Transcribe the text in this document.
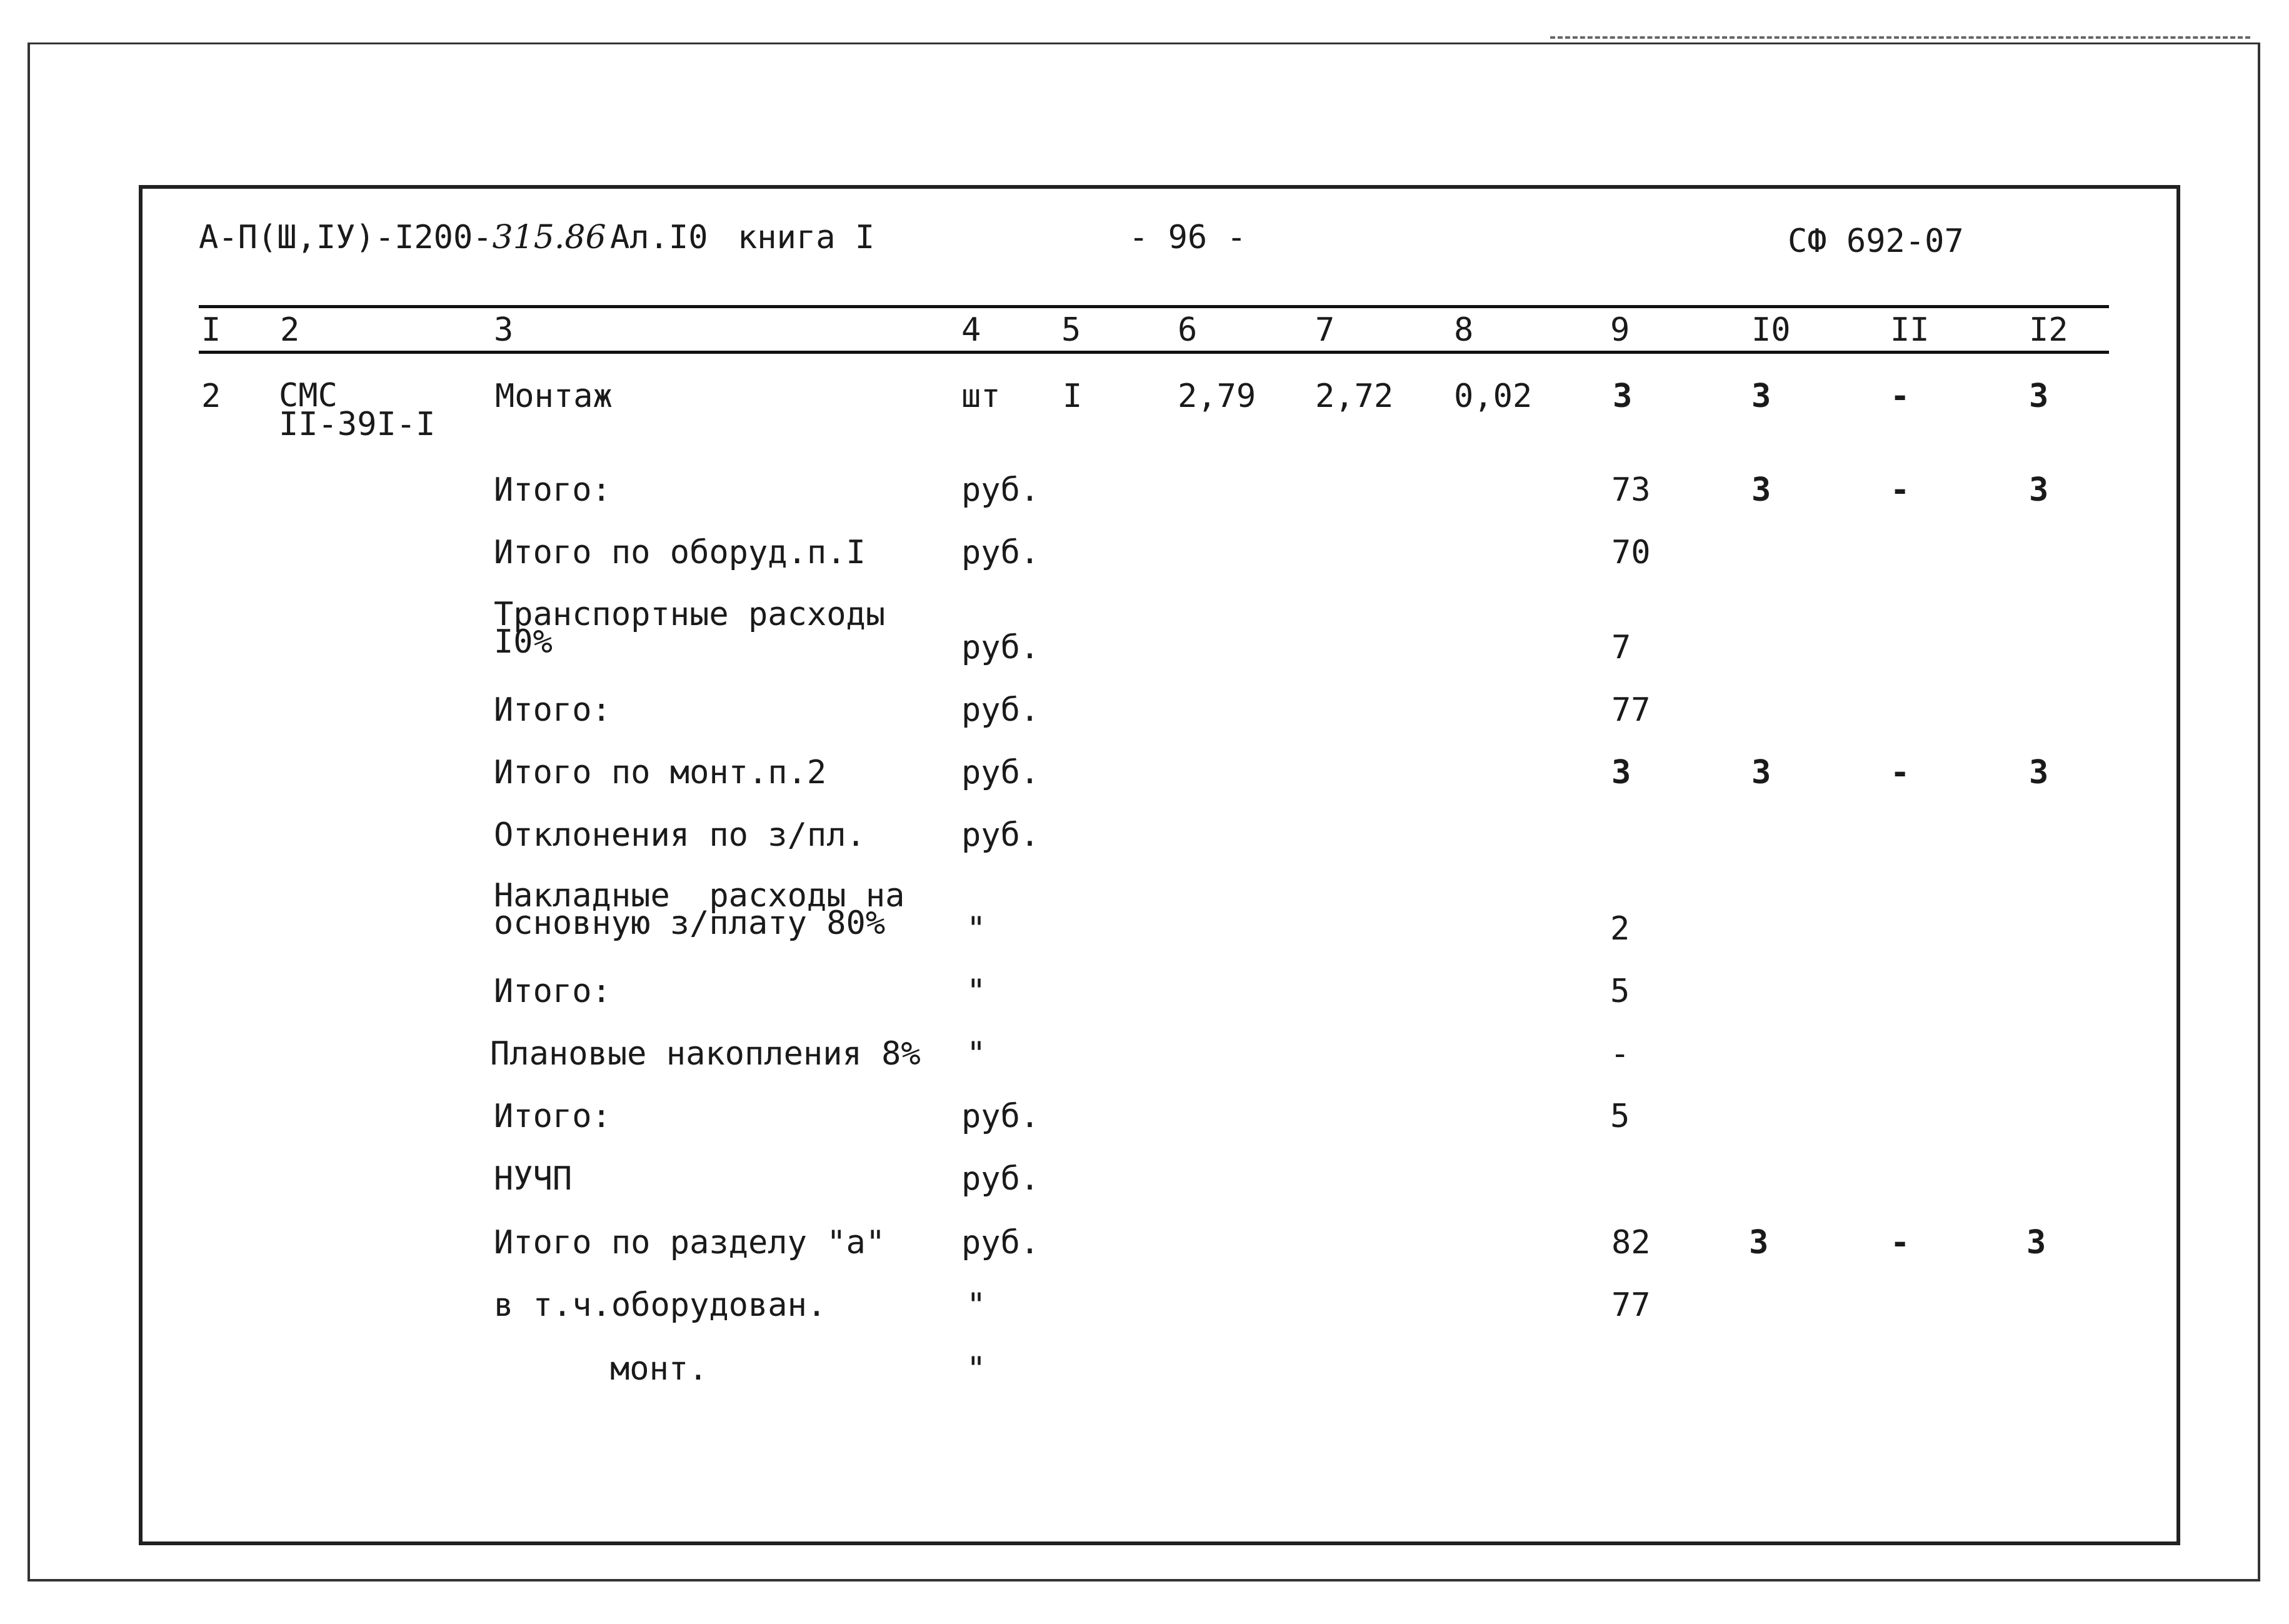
А-П(Ш,IУ)-I200-315.86 Ал.I0 книга I	- 96 -	СФ 692-07
I 2	3	4 5	6	7	8	9	I0	II	I2
2 СМС
II-39I-I
Монтаж	шт I	2,79 2,72 0,02 3	3	-	3
Итого:	руб.	73	3	-	3
Итого по оборуд.п.I	руб.	70
Транспортные расходы
I0%	руб.	7
Итого:	руб.	77
Итого по монт.п.2	руб.	3	3	-	3
Отклонения по з/пл.	руб.
Накладные  расходы на
основную з/плату 80% "	2
Итого:	"	5
Плановые накопления 8% "	-
Итого:	руб.	5
НУЧП	руб.
Итого по разделу "а" руб.	82	3	-	3
в т.ч.оборудован.	"	77
монт.	"
